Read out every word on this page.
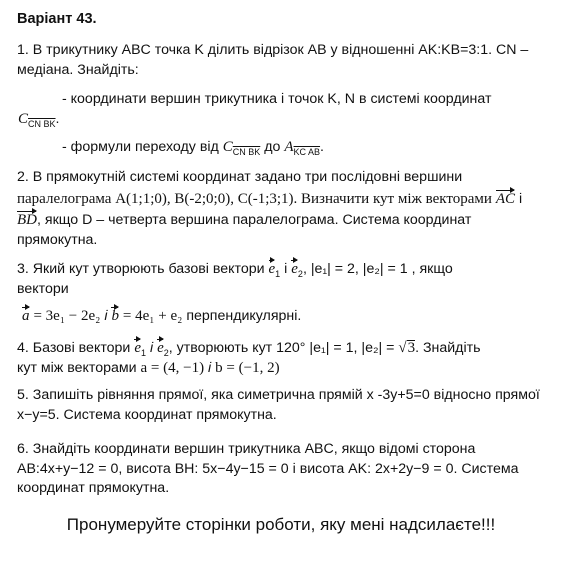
Варіант 43.
1. В трикутнику ABC точка K ділить відрізок AB у відношенні AK:KB=3:1. CN – медіана. Знайдіть:
- координати вершин трикутника і точок K, N в системі координат
$C_{CN BK}$.
- формули переходу від $C_{CN BK}$ до $A_{KC AB}$.
2. В прямокутній системі координат задано три послідовні вершини
паралелограма A(1;1;0), B(-2;0;0), C(-1;3;1). Визначити кут між векторами AC і
BD, якщо D – четверта вершина паралелограма. Система координат
прямокутна.
3. Який кут утворюють базові вектори $e_1$ і $e_2$, |e₁| = 2, |e₂| = 1 , якщо
вектори
a = 3e₁ − 2e₂ і b = 4e₁ + e₂ перпендикулярні.
4. Базові вектори $e_1$ і $e_2$, утворюють кут 120° |e₁| = 1, |e₂| = √3. Знайдіть
кут між векторами a = (4, −1) і b = (−1, 2)
5. Запишіть рівняння прямої, яка симетрична прямій x -3y+5=0 відносно прямої x−y=5. Система координат прямокутна.
6. Знайдіть координати вершин трикутника ABC, якщо відомі сторона AB:4x+y−12 = 0, висота BH: 5x−4y−15 = 0 і висота AK: 2x+2y−9 = 0. Система координат прямокутна.
Пронумеруйте сторінки роботи, яку мені надсилаєте!!!
